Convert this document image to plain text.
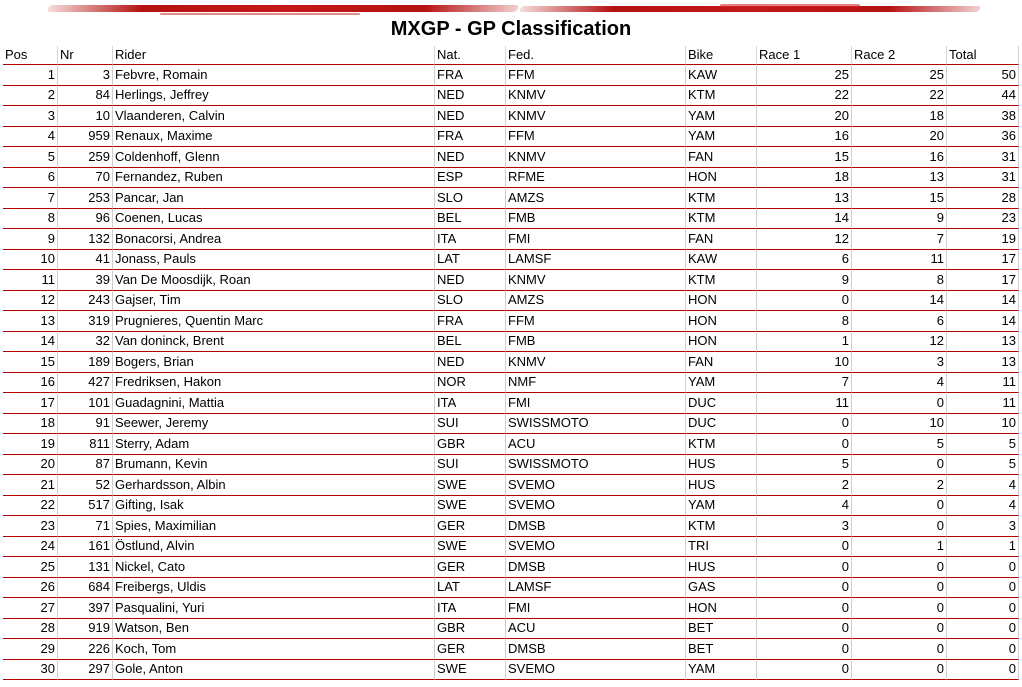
MXGP - GP Classification
Pos	Nr	Rider	Nat.	Fed.	Bike	Race 1	Race 2	Total
1	3	Febvre, Romain	FRA	FFM	KAW	25	25	50
2	84	Herlings, Jeffrey	NED	KNMV	KTM	22	22	44
3	10	Vlaanderen, Calvin	NED	KNMV	YAM	20	18	38
4	959	Renaux, Maxime	FRA	FFM	YAM	16	20	36
5	259	Coldenhoff, Glenn	NED	KNMV	FAN	15	16	31
6	70	Fernandez, Ruben	ESP	RFME	HON	18	13	31
7	253	Pancar, Jan	SLO	AMZS	KTM	13	15	28
8	96	Coenen, Lucas	BEL	FMB	KTM	14	9	23
9	132	Bonacorsi, Andrea	ITA	FMI	FAN	12	7	19
10	41	Jonass, Pauls	LAT	LAMSF	KAW	6	11	17
11	39	Van De Moosdijk, Roan	NED	KNMV	KTM	9	8	17
12	243	Gajser, Tim	SLO	AMZS	HON	0	14	14
13	319	Prugnieres, Quentin Marc	FRA	FFM	HON	8	6	14
14	32	Van doninck, Brent	BEL	FMB	HON	1	12	13
15	189	Bogers, Brian	NED	KNMV	FAN	10	3	13
16	427	Fredriksen, Hakon	NOR	NMF	YAM	7	4	11
17	101	Guadagnini, Mattia	ITA	FMI	DUC	11	0	11
18	91	Seewer, Jeremy	SUI	SWISSMOTO	DUC	0	10	10
19	811	Sterry, Adam	GBR	ACU	KTM	0	5	5
20	87	Brumann, Kevin	SUI	SWISSMOTO	HUS	5	0	5
21	52	Gerhardsson, Albin	SWE	SVEMO	HUS	2	2	4
22	517	Gifting, Isak	SWE	SVEMO	YAM	4	0	4
23	71	Spies, Maximilian	GER	DMSB	KTM	3	0	3
24	161	Östlund, Alvin	SWE	SVEMO	TRI	0	1	1
25	131	Nickel, Cato	GER	DMSB	HUS	0	0	0
26	684	Freibergs, Uldis	LAT	LAMSF	GAS	0	0	0
27	397	Pasqualini, Yuri	ITA	FMI	HON	0	0	0
28	919	Watson, Ben	GBR	ACU	BET	0	0	0
29	226	Koch, Tom	GER	DMSB	BET	0	0	0
30	297	Gole, Anton	SWE	SVEMO	YAM	0	0	0
